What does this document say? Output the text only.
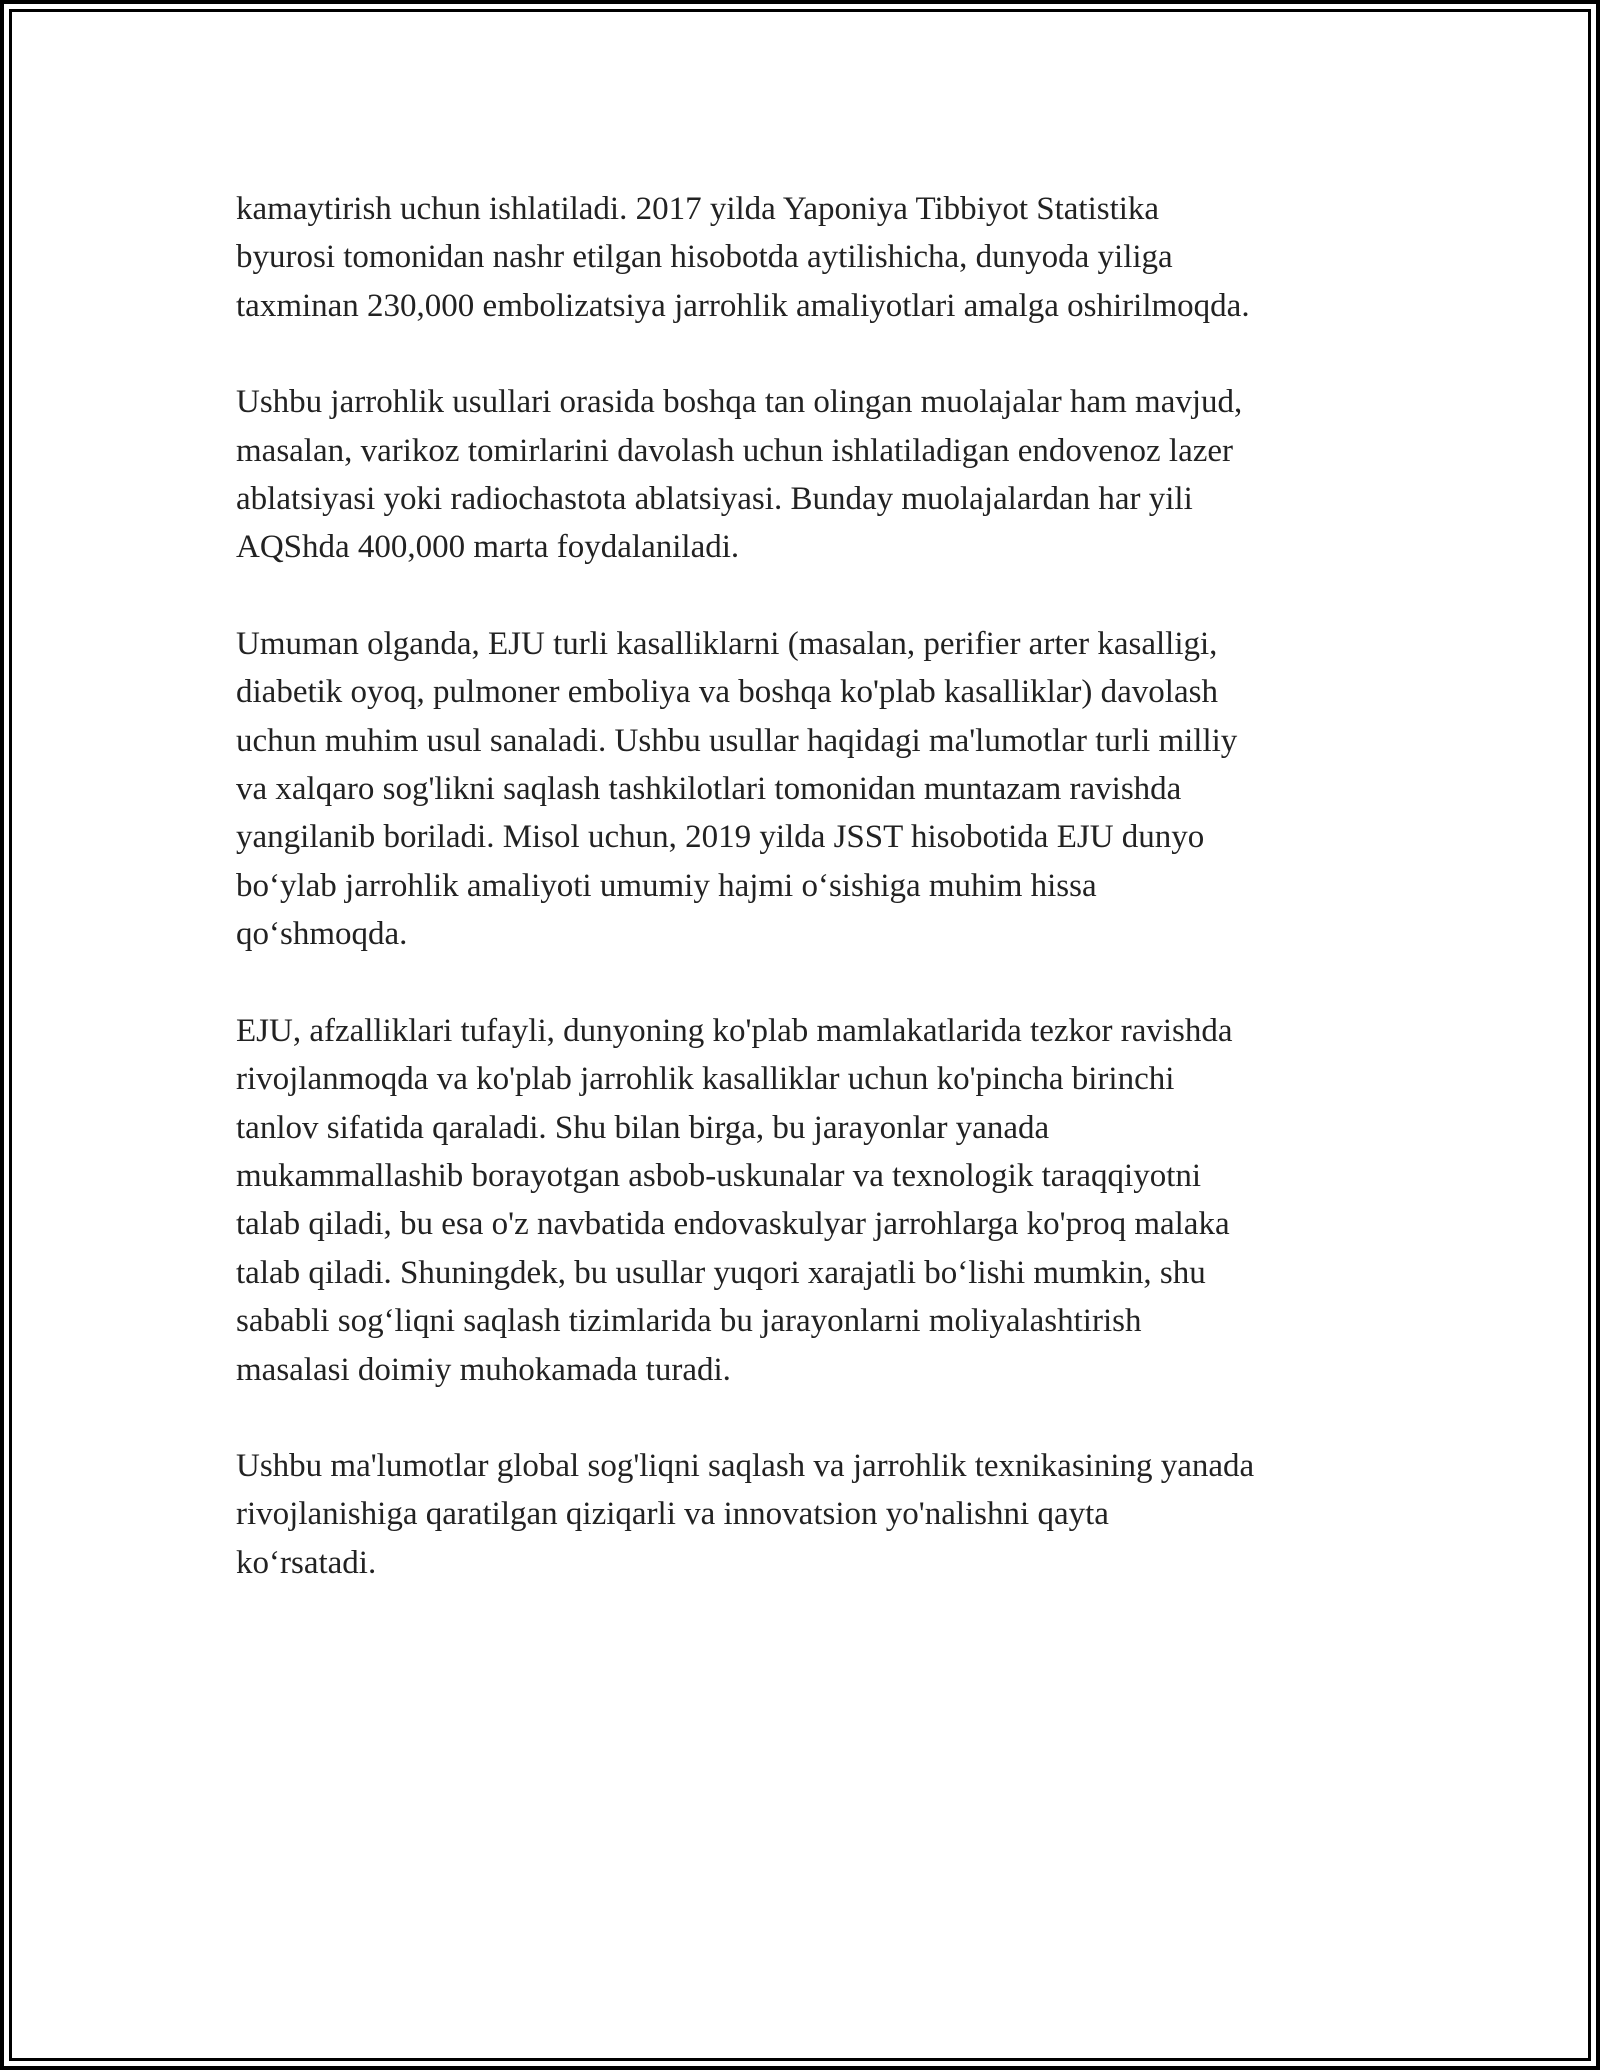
kamaytirish uchun ishlatiladi. 2017 yilda Yaponiya Tibbiyot Statistika
byurosi tomonidan nashr etilgan hisobotda aytilishicha, dunyoda yiliga
taxminan 230,000 embolizatsiya jarrohlik amaliyotlari amalga oshirilmoqda.

Ushbu jarrohlik usullari orasida boshqa tan olingan muolajalar ham mavjud,
masalan, varikoz tomirlarini davolash uchun ishlatiladigan endovenoz lazer
ablatsiyasi yoki radiochastota ablatsiyasi. Bunday muolajalardan har yili
AQShda 400,000 marta foydalaniladi.

Umuman olganda, EJU turli kasalliklarni (masalan, perifier arter kasalligi,
diabetik oyoq, pulmoner emboliya va boshqa ko'plab kasalliklar) davolash
uchun muhim usul sanaladi. Ushbu usullar haqidagi ma'lumotlar turli milliy
va xalqaro sog'likni saqlash tashkilotlari tomonidan muntazam ravishda
yangilanib boriladi. Misol uchun, 2019 yilda JSST hisobotida EJU dunyo
bo‘ylab jarrohlik amaliyoti umumiy hajmi o‘sishiga muhim hissa
qo‘shmoqda.

EJU, afzalliklari tufayli, dunyoning ko'plab mamlakatlarida tezkor ravishda
rivojlanmoqda va ko'plab jarrohlik kasalliklar uchun ko'pincha birinchi
tanlov sifatida qaraladi. Shu bilan birga, bu jarayonlar yanada
mukammallashib borayotgan asbob-uskunalar va texnologik taraqqiyotni
talab qiladi, bu esa o'z navbatida endovaskulyar jarrohlarga ko'proq malaka
talab qiladi. Shuningdek, bu usullar yuqori xarajatli bo‘lishi mumkin, shu
sababli sog‘liqni saqlash tizimlarida bu jarayonlarni moliyalashtirish
masalasi doimiy muhokamada turadi.

Ushbu ma'lumotlar global sog'liqni saqlash va jarrohlik texnikasining yanada
rivojlanishiga qaratilgan qiziqarli va innovatsion yo'nalishni qayta
ko‘rsatadi.
